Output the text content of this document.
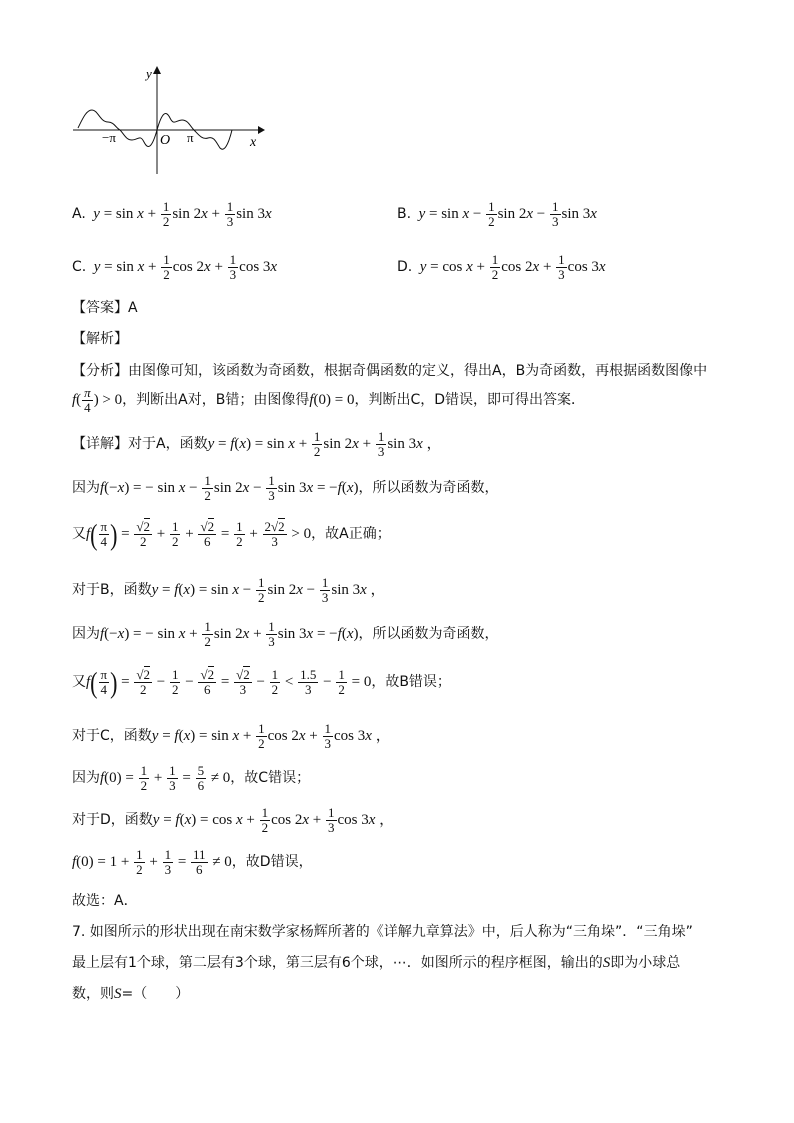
y
x
−π	O π
A. $y = \sin x + \frac{1}{2}$ $\sin 2x + \frac{1}{3}$ sin 3x	B. $y = \sin x - \frac{1}{2}$ $\sin 2x - \frac{1}{3}$ sin 3x
C. $y = \sin x + \frac{1}{2}$ $\cos 2x + \frac{1}{3}$ cos 3x	D. $y = \cos x + \frac{1}{2}$ $\cos 2x + \frac{1}{3}$ cos 3x
【答案】A
【解析】
【分析】由图像可知，该函数为奇函数，根据奇偶函数的定义，得出A，B为奇函数，再根据函数图像中
$f( \frac{\pi}{4}$ ) > 0，判断出A对，B错；由图像得f(0) = 0，判断出C，D错误，即可得出答案．
【详解】对于A，函数$y = f(x) = \sin x + \frac{1}{2}$ $\sin 2x + \frac{1}{3}$ sin 3x ，
因为f(−x) = − $\sin x - \frac{1}{2}$ $\sin 2x - \frac{1}{3}$ sin 3x = −f(x)，所以函数为奇函数，
又$f( \frac{\pi}{4}$ ) = $\frac{√2}{2} + \frac{1}{2} + \frac{√2}{6} = \frac{1}{2} + \frac{2√2}{3} > 0$，故A正确；
对于B，函数$y = f(x) = \sin x - \frac{1}{2}$ $\sin 2x - \frac{1}{3}$ sin 3x ，
因为f(−x) = − $\sin x + \frac{1}{2}$ $\sin 2x + \frac{1}{3}$ sin 3x = −f(x)，所以函数为奇函数，
又$f( \frac{\pi}{4}$ ) = $\frac{√2}{2} - \frac{1}{2} - \frac{√2}{6} = \frac{√2}{3} - \frac{1}{2} < \frac{1.5}{3} - \frac{1}{2} = 0$，故B错误；
对于C，函数$y = f(x) = \sin x + \frac{1}{2}$ $\cos 2x + \frac{1}{3}$ cos 3x ，
因为$f(0) = \frac{1}{2} + \frac{1}{3} = \frac{5}{6} \ne 0$，故C错误；
对于D，函数$y = f(x) = \cos x + \frac{1}{2}$ $\cos 2x + \frac{1}{3}$ cos 3x ，
$f(0) = 1 + \frac{1}{2} + \frac{1}{3} = \frac{11}{6} \ne 0$，故D错误，
故选：A．
7. 如图所示的形状出现在南宋数学家杨辉所著的《详解九章算法》中，后人称为“三角垛”．“三角垛”
最上层有1个球，第二层有3个球，第三层有6个球，⋯．如图所示的程序框图，输出的S即为小球总
数，则S=（　　）
